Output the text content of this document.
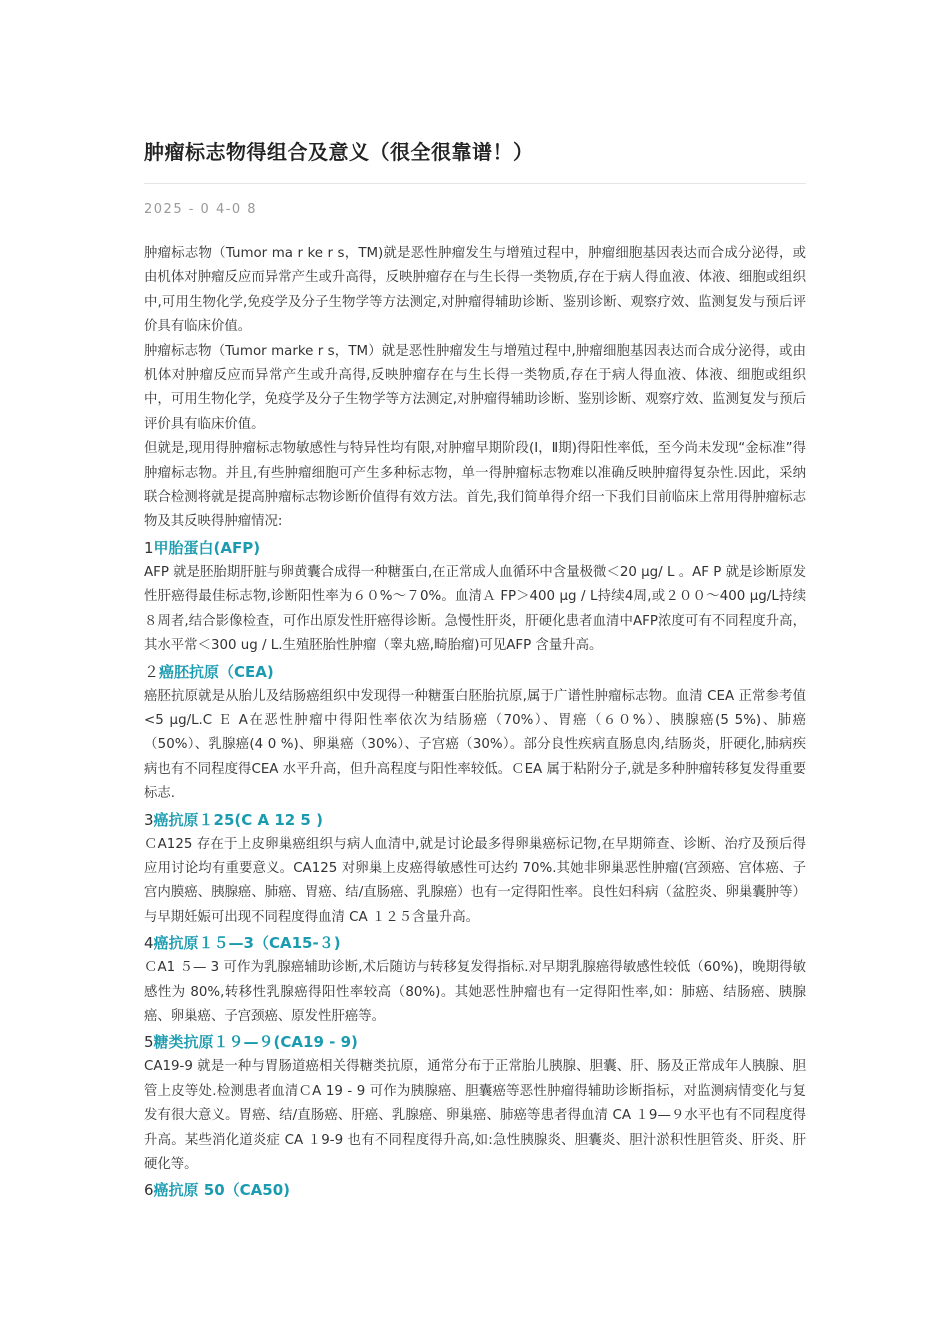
肿瘤标志物得组合及意义（很全很靠谱！）
2025 - 0 4-0 8

肿瘤标志物（Tumor ma r ke r s，TM)就是恶性肿瘤发生与增殖过程中，肿瘤细胞基因表达而合成分泌得，或由机体对肿瘤反应而异常产生或升高得，反映肿瘤存在与生长得一类物质,存在于病人得血液、体液、细胞或组织中,可用生物化学,免疫学及分子生物学等方法测定,对肿瘤得辅助诊断、鉴别诊断、观察疗效、监测复发与预后评价具有临床价值。

肿瘤标志物（Tumor marke r s，TM）就是恶性肿瘤发生与增殖过程中,肿瘤细胞基因表达而合成分泌得，或由机体对肿瘤反应而异常产生或升高得,反映肿瘤存在与生长得一类物质,存在于病人得血液、体液、细胞或组织中，可用生物化学，免疫学及分子生物学等方法测定,对肿瘤得辅助诊断、鉴别诊断、观察疗效、监测复发与预后评价具有临床价值。

但就是,现用得肿瘤标志物敏感性与特异性均有限,对肿瘤早期阶段(I，Ⅱ期)得阳性率低，至今尚未发现“金标准”得肿瘤标志物。并且,有些肿瘤细胞可产生多种标志物，单一得肿瘤标志物难以准确反映肿瘤得复杂性.因此，采纳联合检测将就是提高肿瘤标志物诊断价值得有效方法。首先,我们简单得介绍一下我们目前临床上常用得肿瘤标志物及其反映得肿瘤情况:

1甲胎蛋白(AFP)

AFP 就是胚胎期肝脏与卵黄囊合成得一种糖蛋白,在正常成人血循环中含量极微＜20 μg/ L 。AF P 就是诊断原发性肝癌得最佳标志物,诊断阳性率为６０%～７0%。血清Ａ FP＞400 μg / L持续4周,或２００～400 μg/L持续８周者,结合影像检查，可作出原发性肝癌得诊断。急慢性肝炎，肝硬化患者血清中AFP浓度可有不同程度升高，其水平常＜300 ug / L.生殖胚胎性肿瘤（睾丸癌,畸胎瘤)可见AFP 含量升高。

２癌胚抗原（CEA)

癌胚抗原就是从胎儿及结肠癌组织中发现得一种糖蛋白胚胎抗原,属于广谱性肿瘤标志物。血清 CEA 正常参考值<5 μg/L.C Ｅ A在恶性肿瘤中得阳性率依次为结肠癌（70%）、胃癌（６０%）、胰腺癌(5 5%)、肺癌（50%）、乳腺癌(4 0 %)、卵巢癌（30%）、子宫癌（30%）。部分良性疾病直肠息肉,结肠炎，肝硬化,肺病疾病也有不同程度得CEA 水平升高，但升高程度与阳性率较低。ＣEA 属于粘附分子,就是多种肿瘤转移复发得重要标志.

3癌抗原１25(C A 12 5 )

ＣA125 存在于上皮卵巢癌组织与病人血清中,就是讨论最多得卵巢癌标记物,在早期筛查、诊断、治疗及预后得应用讨论均有重要意义。CA125 对卵巢上皮癌得敏感性可达约 70%.其她非卵巢恶性肿瘤(宫颈癌、宫体癌、子宫内膜癌、胰腺癌、肺癌、胃癌、结/直肠癌、乳腺癌）也有一定得阳性率。良性妇科病（盆腔炎、卵巢囊肿等）与早期妊娠可出现不同程度得血清 CA １２５含量升高。

4癌抗原１５—3（CA15-３)

ＣA1 ５— 3 可作为乳腺癌辅助诊断,术后随访与转移复发得指标.对早期乳腺癌得敏感性较低（60%)，晚期得敏感性为 80%,转移性乳腺癌得阳性率较高（80%)。其她恶性肿瘤也有一定得阳性率,如：肺癌、结肠癌、胰腺癌、卵巢癌、子宫颈癌、原发性肝癌等。

5糖类抗原１９—９(CA19 - 9)

CA19-9 就是一种与胃肠道癌相关得糖类抗原，通常分布于正常胎儿胰腺、胆囊、肝、肠及正常成年人胰腺、胆管上皮等处.检测患者血清ＣA 19 - 9 可作为胰腺癌、胆囊癌等恶性肿瘤得辅助诊断指标，对监测病情变化与复发有很大意义。胃癌、结/直肠癌、肝癌、乳腺癌、卵巢癌、肺癌等患者得血清 CA １9—９水平也有不同程度得升高。某些消化道炎症 CA １9-9 也有不同程度得升高,如:急性胰腺炎、胆囊炎、胆汁淤积性胆管炎、肝炎、肝硬化等。

6癌抗原 50（CA50)
